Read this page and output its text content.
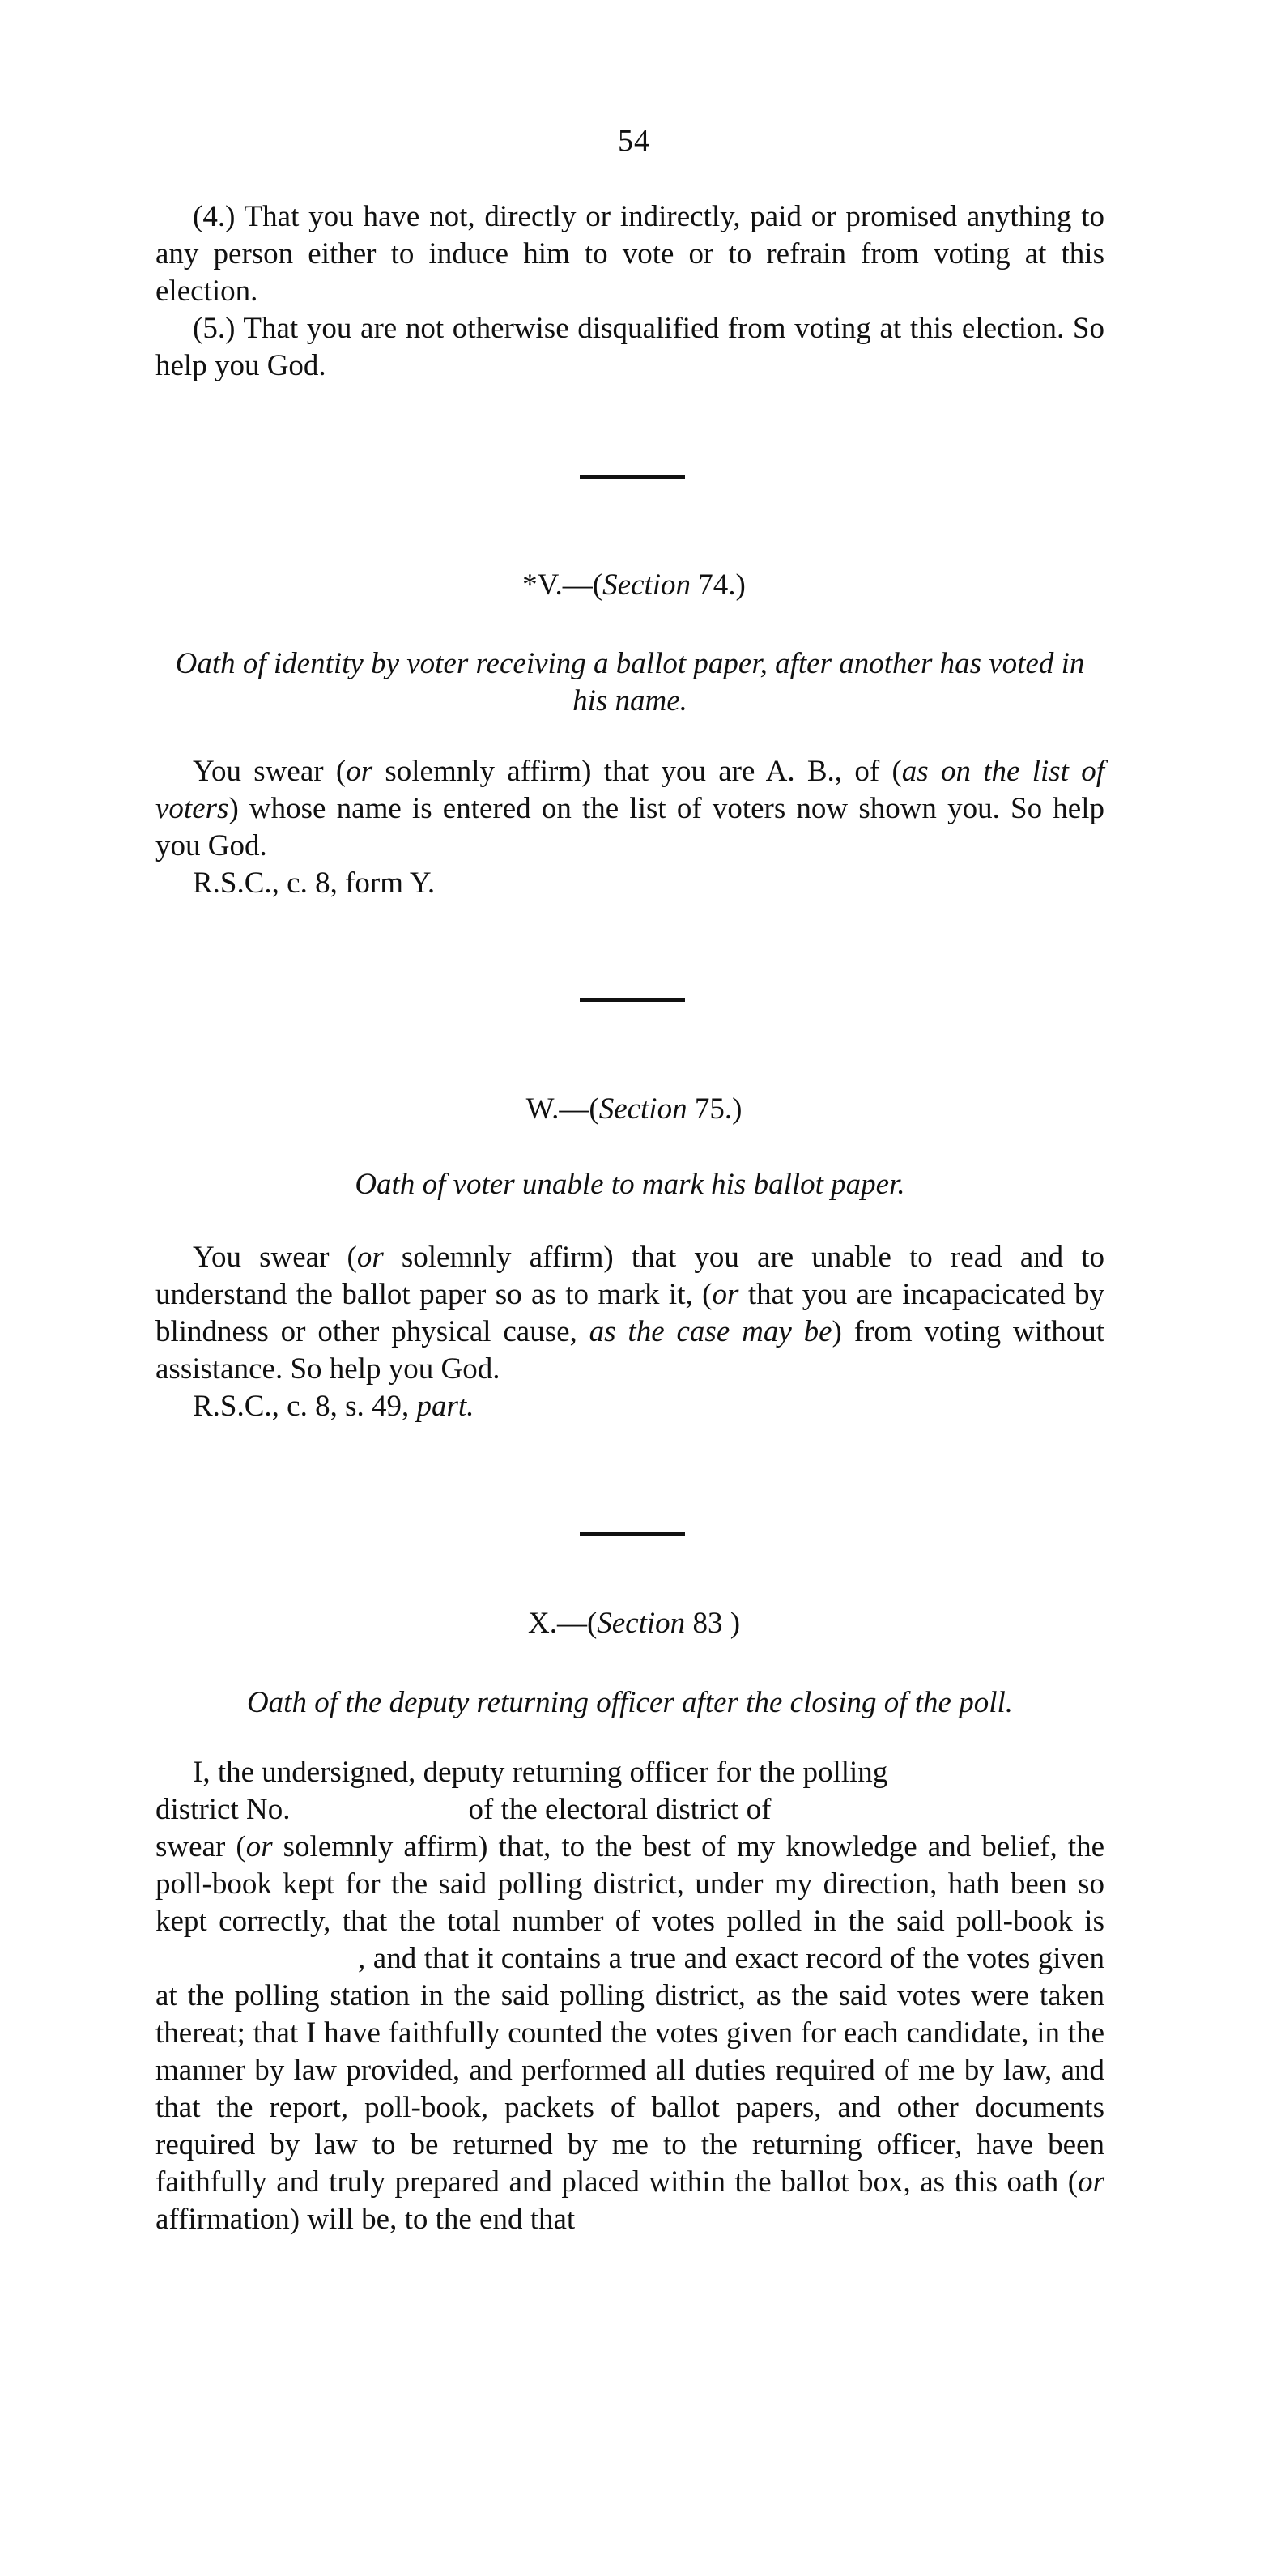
54

(4.) That you have not, directly or indirectly, paid or promised anything to any person either to induce him to vote or to refrain from voting at this election.

(5.) That you are not otherwise disqualified from voting at this election. So help you God.

*V.—(Section 74.)
Oath of identity by voter receiving a ballot paper, after another has voted in his name.

You swear (or solemnly affirm) that you are A. B., of (as on the list of voters) whose name is entered on the list of voters now shown you. So help you God.

R.S.C., c. 8, form Y.

W.—(Section 75.)
Oath of voter unable to mark his ballot paper.

You swear (or solemnly affirm) that you are unable to read and to understand the ballot paper so as to mark it, (or that you are incapacicated by blindness or other physical cause, as the case may be) from voting without assistance. So help you God.

R.S.C., c. 8, s. 49, part.

X.—(Section 83 )
Oath of the deputy returning officer after the closing of the poll.

I, the undersigned, deputy returning officer for the polling

district No.	of the electoral district of

swear (or solemnly affirm) that, to the best of my knowledge and belief, the poll-book kept for the said polling district, under my direction, hath been so kept correctly, that the total number of votes polled in the said poll-book is, and that it contains a true and exact record of the votes given at the polling station in the said polling district, as the said votes were taken thereat; that I have faithfully counted the votes given for each candidate, in the manner by law provided, and performed all duties required of me by law, and that the report, poll-book, packets of ballot papers, and other documents required by law to be returned by me to the returning officer, have been faithfully and truly prepared and placed within the ballot box, as this oath (or affirmation) will be, to the end that
